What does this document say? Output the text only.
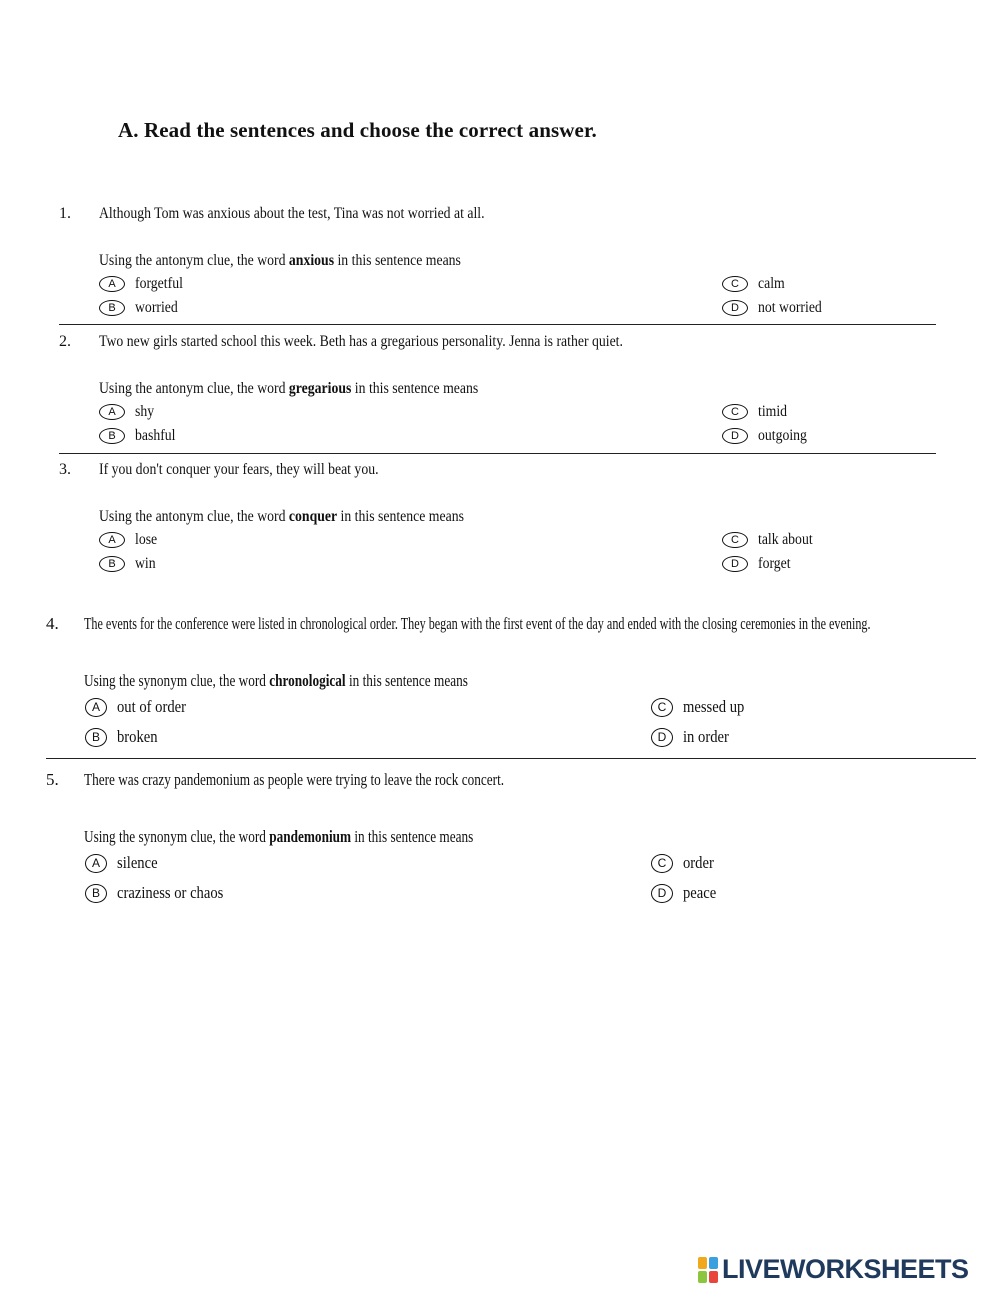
A. Read the sentences and choose the correct answer.
1. Although Tom was anxious about the test, Tina was not worried at all.
Using the antonym clue, the word anxious in this sentence means
A	forgetful
B	worried
C	calm
D	not worried
2. Two new girls started school this week. Beth has a gregarious personality. Jenna is rather quiet.
Using the antonym clue, the word gregarious in this sentence means
A	shy
B	bashful
C	timid
D	outgoing
3. If you don't conquer your fears, they will beat you.
Using the antonym clue, the word conquer in this sentence means
A	lose
B	win
C	talk about
D	forget
4. The events for the conference were listed in chronological order. They began with the first event of the day and ended with the closing ceremonies in the evening.
Using the synonym clue, the word chronological in this sentence means
A	out of order
B	broken
C messed up
D in order
5. There was crazy pandemonium as people were trying to leave the rock concert.
Using the synonym clue, the word pandemonium in this sentence means
A	silence
B	craziness or chaos
C order
D peace
LIVEWORKSHEETS
